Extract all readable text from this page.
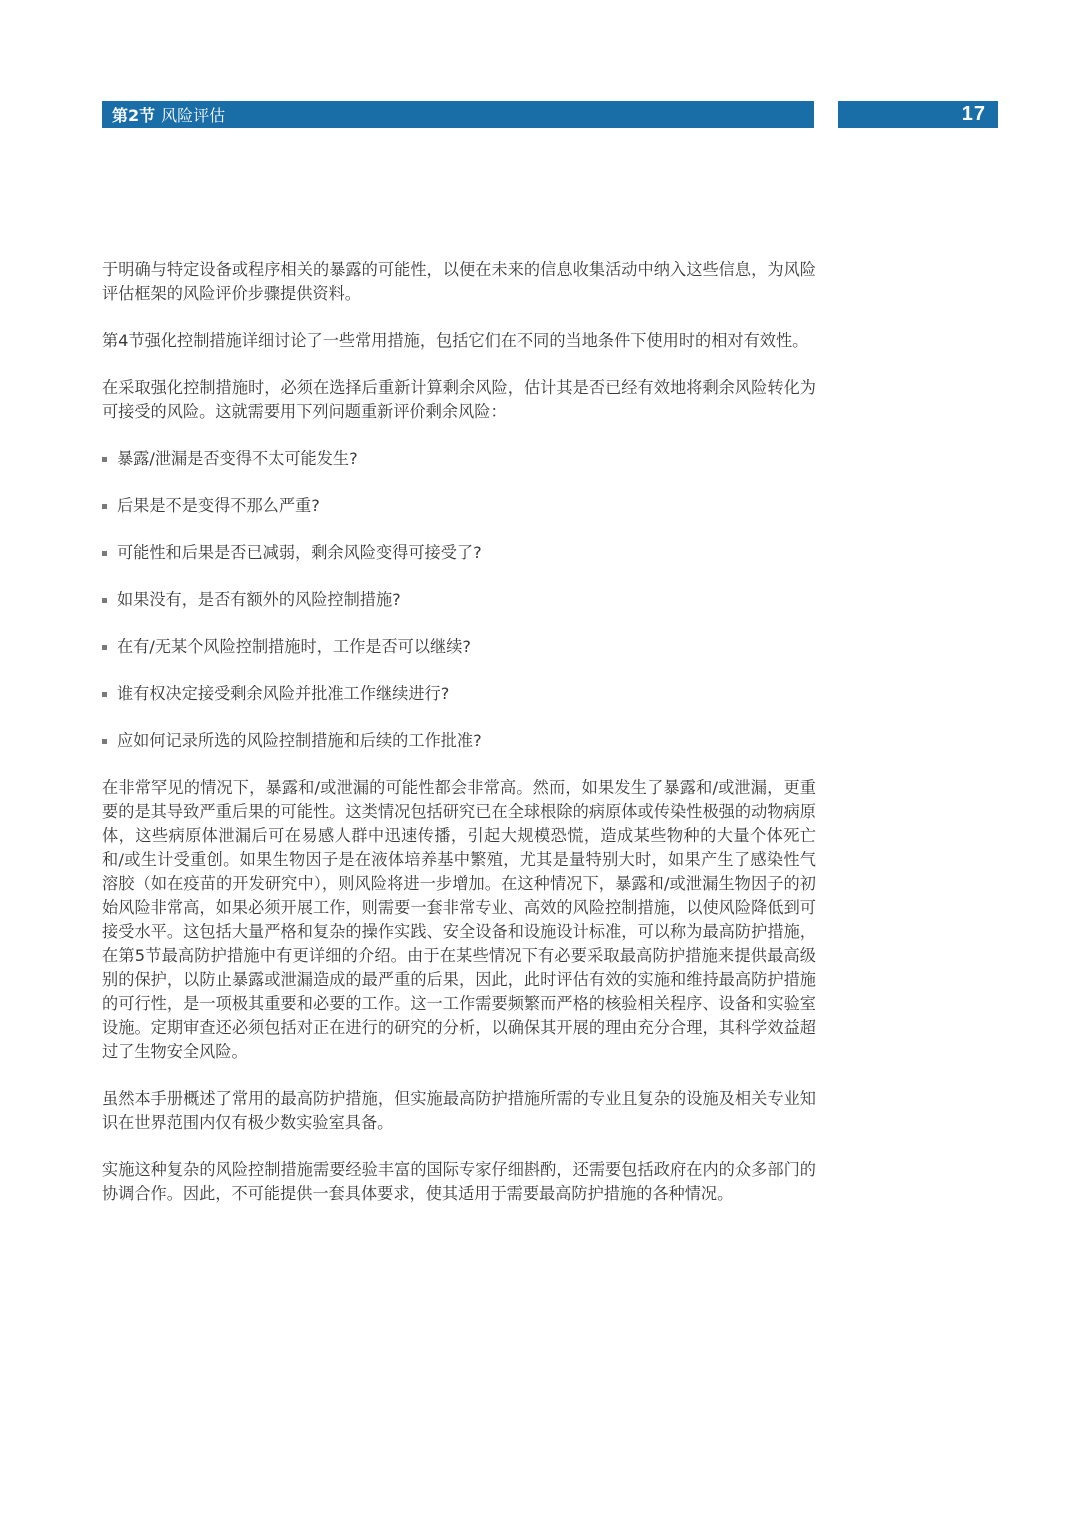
第2节 风险评估	17

于明确与特定设备或程序相关的暴露的可能性，以便在未来的信息收集活动中纳入这些信息，为风险评估框架的风险评价步骤提供资料。

第4节强化控制措施详细讨论了一些常用措施，包括它们在不同的当地条件下使用时的相对有效性。

在采取强化控制措施时，必须在选择后重新计算剩余风险，估计其是否已经有效地将剩余风险转化为可接受的风险。这就需要用下列问题重新评价剩余风险：

暴露/泄漏是否变得不太可能发生?
后果是不是变得不那么严重?
可能性和后果是否已减弱，剩余风险变得可接受了?
如果没有，是否有额外的风险控制措施?
在有/无某个风险控制措施时，工作是否可以继续?
谁有权决定接受剩余风险并批准工作继续进行?
应如何记录所选的风险控制措施和后续的工作批准?

在非常罕见的情况下，暴露和/或泄漏的可能性都会非常高。然而，如果发生了暴露和/或泄漏，更重要的是其导致严重后果的可能性。这类情况包括研究已在全球根除的病原体或传染性极强的动物病原体，这些病原体泄漏后可在易感人群中迅速传播，引起大规模恐慌，造成某些物种的大量个体死亡和/或生计受重创。如果生物因子是在液体培养基中繁殖，尤其是量特别大时，如果产生了感染性气溶胶（如在疫苗的开发研究中），则风险将进一步增加。在这种情况下，暴露和/或泄漏生物因子的初始风险非常高，如果必须开展工作，则需要一套非常专业、高效的风险控制措施，以使风险降低到可接受水平。这包括大量严格和复杂的操作实践、安全设备和设施设计标准，可以称为最高防护措施，在第5节最高防护措施中有更详细的介绍。由于在某些情况下有必要采取最高防护措施来提供最高级别的保护，以防止暴露或泄漏造成的最严重的后果，因此，此时评估有效的实施和维持最高防护措施的可行性，是一项极其重要和必要的工作。这一工作需要频繁而严格的核验相关程序、设备和实验室设施。定期审查还必须包括对正在进行的研究的分析，以确保其开展的理由充分合理，其科学效益超过了生物安全风险。

虽然本手册概述了常用的最高防护措施，但实施最高防护措施所需的专业且复杂的设施及相关专业知识在世界范围内仅有极少数实验室具备。

实施这种复杂的风险控制措施需要经验丰富的国际专家仔细斟酌，还需要包括政府在内的众多部门的协调合作。因此，不可能提供一套具体要求，使其适用于需要最高防护措施的各种情况。
